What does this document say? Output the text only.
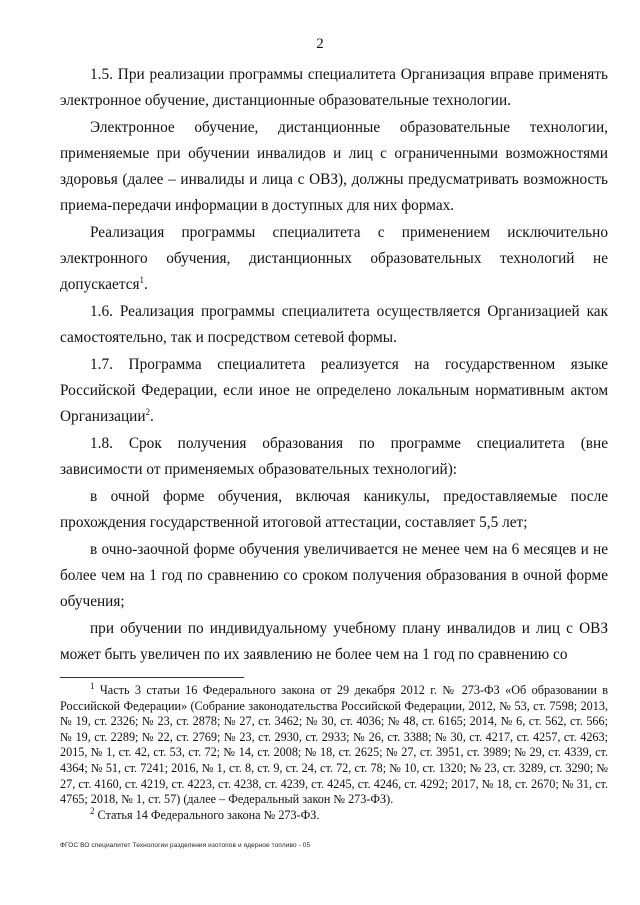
2

1.5. При реализации программы специалитета Организация вправе применять электронное обучение, дистанционные образовательные технологии.

Электронное обучение, дистанционные образовательные технологии, применяемые при обучении инвалидов и лиц с ограниченными возможностями здоровья (далее – инвалиды и лица с ОВЗ), должны предусматривать возможность приема-передачи информации в доступных для них формах.

Реализация программы специалитета с применением исключительно электронного обучения, дистанционных образовательных технологий не допускается$^1$.

1.6. Реализация программы специалитета осуществляется Организацией как самостоятельно, так и посредством сетевой формы.

1.7. Программа специалитета реализуется на государственном языке Российской Федерации, если иное не определено локальным нормативным актом Организации$^2$.

1.8. Срок получения образования по программе специалитета (вне зависимости от применяемых образовательных технологий):

в очной форме обучения, включая каникулы, предоставляемые после прохождения государственной итоговой аттестации, составляет 5,5 лет;

в очно-заочной форме обучения увеличивается не менее чем на 6 месяцев и не более чем на 1 год по сравнению со сроком получения образования в очной форме обучения;

при обучении по индивидуальному учебному плану инвалидов и лиц с ОВЗ может быть увеличен по их заявлению не более чем на 1 год по сравнению со

$^1$ Часть 3 статьи 16 Федерального закона от 29 декабря 2012 г. № 273-ФЗ «Об образовании в Российской Федерации» (Собрание законодательства Российской Федерации, 2012, № 53, ст. 7598; 2013, № 19, ст. 2326; № 23, ст. 2878; № 27, ст. 3462; № 30, ст. 4036; № 48, ст. 6165; 2014, № 6, ст. 562, ст. 566; № 19, ст. 2289; № 22, ст. 2769; № 23, ст. 2930, ст. 2933; № 26, ст. 3388; № 30, ст. 4217, ст. 4257, ст. 4263; 2015, № 1, ст. 42, ст. 53, ст. 72; № 14, ст. 2008; № 18, ст. 2625; № 27, ст. 3951, ст. 3989; № 29, ст. 4339, ст. 4364; № 51, ст. 7241; 2016, № 1, ст. 8, ст. 9, ст. 24, ст. 72, ст. 78; № 10, ст. 1320; № 23, ст. 3289, ст. 3290; № 27, ст. 4160, ст. 4219, ст. 4223, ст. 4238, ст. 4239, ст. 4245, ст. 4246, ст. 4292; 2017, № 18, ст. 2670; № 31, ст. 4765; 2018, № 1, ст. 57) (далее – Федеральный закон № 273-ФЗ).

$^2$ Статья 14 Федерального закона № 273-ФЗ.

ФГОС ВО специалитет Технологии разделения изотопов и ядерное топливо - 05
